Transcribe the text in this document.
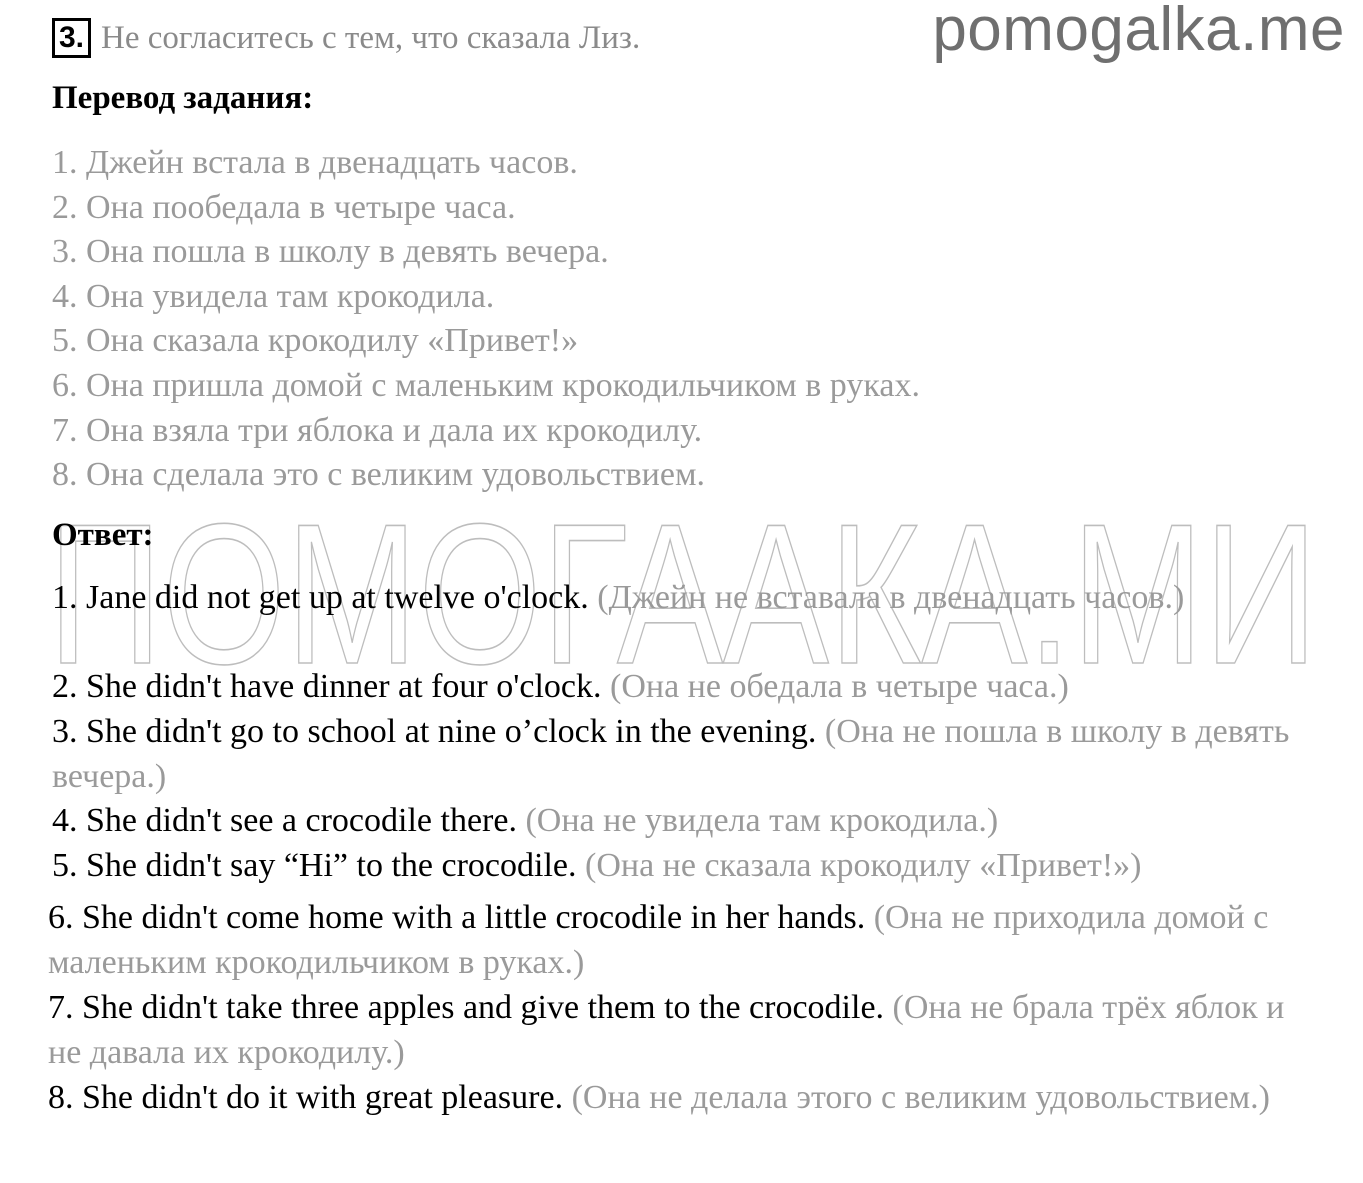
pomogalka.me
ПОМОГААКА.МИ
3. Не согласитесь с тем, что сказала Лиз.
Перевод задания:
1. Джейн встала в двенадцать часов.
2. Она пообедала в четыре часа.
3. Она пошла в школу в девять вечера.
4. Она увидела там крокодила.
5. Она сказала крокодилу «Привет!»
6. Она пришла домой с маленьким крокодильчиком в руках.
7. Она взяла три яблока и дала их крокодилу.
8. Она сделала это с великим удовольствием.
Ответ:
1. Jane did not get up at twelve o'clock. (Джейн не вставала в двенадцать часов.)
2. She didn't have dinner at four o'clock. (Она не обедала в четыре часа.)
3. She didn't go to school at nine o’clock in the evening. (Она не пошла в школу в девять вечера.)
4. She didn't see a crocodile there. (Она не увидела там крокодила.)
5. She didn't say “Hi” to the crocodile. (Она не сказала крокодилу «Привет!»)
6. She didn't come home with a little crocodile in her hands. (Она не приходила домой с маленьким крокодильчиком в руках.)
7. She didn't take three apples and give them to the crocodile. (Она не брала трёх яблок и не давала их крокодилу.)
8. She didn't do it with great pleasure. (Она не делала этого с великим удовольствием.)
